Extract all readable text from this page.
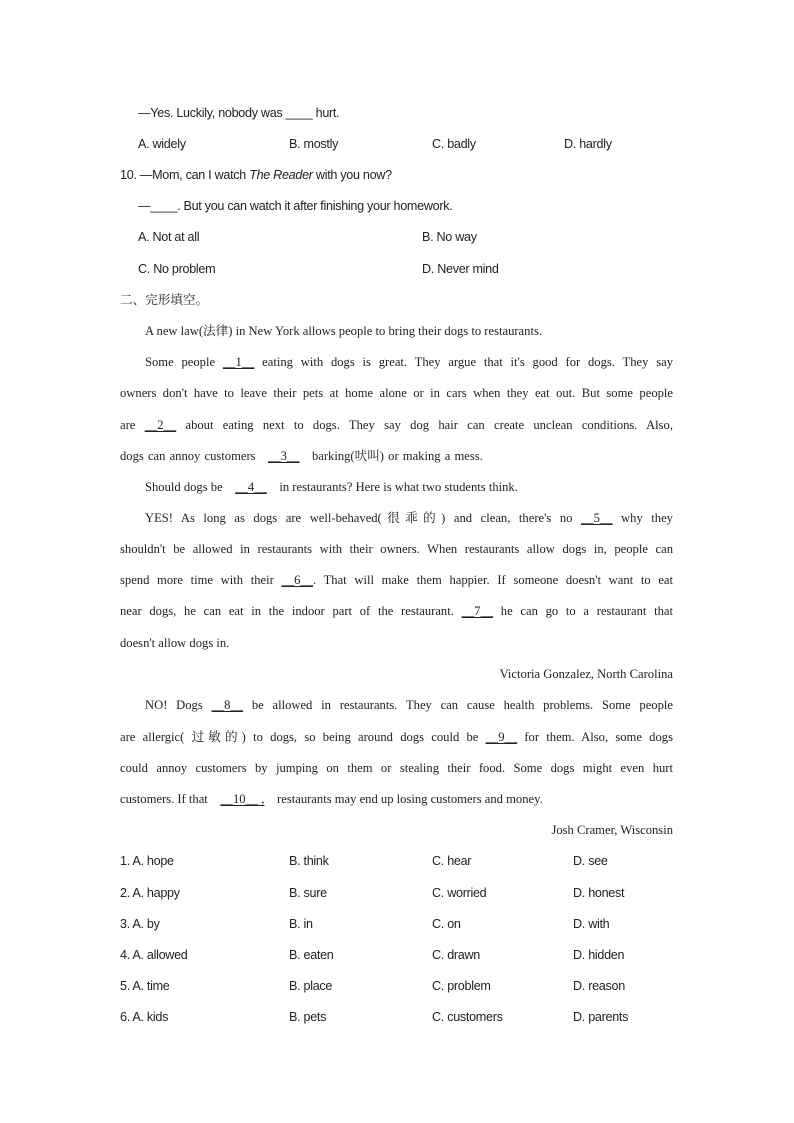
—Yes. Luckily, nobody was ____ hurt.
A. widely	B. mostly	C. badly	D. hardly
10. —Mom, can I watch The Reader with you now?
—____. But you can watch it after finishing your homework.
A. Not at all	B. No way
C. No problem	D. Never mind
二、完形填空。
A new law(法律) in New York allows people to bring their dogs to restaurants.
Some people __1__ eating with dogs is great. They argue that it's good for dogs. They say
owners don't have to leave their pets at home alone or in cars when they eat out. But some people
are __2__ about eating next to dogs. They say dog hair can create unclean conditions. Also,
dogs can annoy customers __3__ barking(吠叫) or making a mess.
Should dogs be __4__ in restaurants? Here is what two students think.
YES! As long as dogs are well-behaved(很乖的) and clean, there's no __5__ why they
shouldn't be allowed in restaurants with their owners. When restaurants allow dogs in, people can
spend more time with their __6__. That will make them happier. If someone doesn't want to eat
near dogs, he can eat in the indoor part of the restaurant. __7__ he can go to a restaurant that
doesn't allow dogs in.
Victoria Gonzalez, North Carolina
NO! Dogs __8__ be allowed in restaurants. They can cause health problems. Some people
are allergic( 过敏的) to dogs, so being around dogs could be __9__ for them. Also, some dogs
could annoy customers by jumping on them or stealing their food. Some dogs might even hurt
customers. If that __10__ , restaurants may end up losing customers and money.
Josh Cramer, Wisconsin
1. A. hope	B. think	C. hear	D. see
2. A. happy	B. sure	C. worried	D. honest
3. A. by	B. in	C. on	D. with
4. A. allowed	B. eaten	C. drawn	D. hidden
5. A. time	B. place	C. problem	D. reason
6. A. kids	B. pets	C. customers	D. parents
